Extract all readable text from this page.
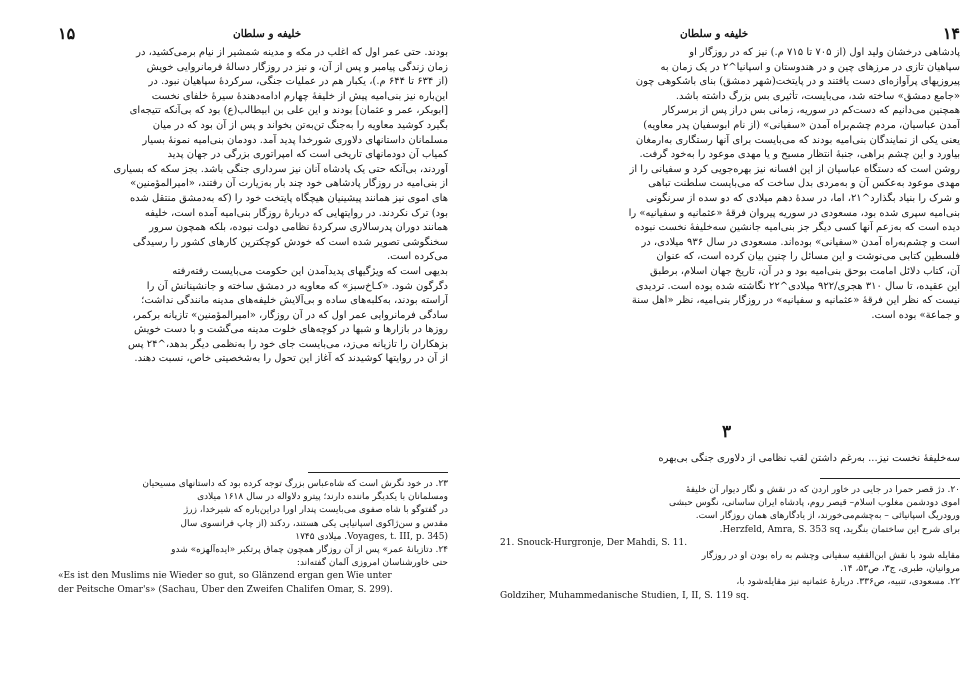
۱۴
خلیفه و سلطان
پادشاهی درخشان ولید اول (از ۷۰۵ تا ۷۱۵ م.) نیز که در روزگار او
سپاهیان تازی در مرزهای چین و در هندوستان و اسپانیا^۲ در یک زمان به
پیروزیهای پرآوازه‌ای دست یافتند و در پایتخت(شهر دمشق) بنای باشکوهی چون
«جامع دمشق» ساخته شد، می‌بایست، تأثیری بس بزرگ داشته باشد.
همچنین می‌دانیم که دست‌کم در سوریه، زمانی بس دراز پس از برسرکار
آمدن عباسیان، مردم چشم‌براه آمدن «سفیانی» (از نام ابوسفیان پدر معاویه)
یعنی یکی از نمایندگان بنی‌امیه بودند که می‌بایست برای آنها رستگاری به‌ارمغان
بیاورد و این چشم براهی، جنبهٔ انتظار مسیح و یا مهدی موعود را به‌خود گرفت.
روشن است که دستگاه عباسیان از این افسانه نیز بهره‌جویی کرد و سفیانی را از
مهدی موعود به‌عکس آن و به‌مردی بدل ساخت که می‌بایست سلطنت تباهی
و شرک را بنیاد بگذارد^۲۱، اما، در سدهٔ دهم میلادی که دو سده از سرنگونی
بنی‌امیه سپری شده بود، مسعودی در سوریه پیروان فرقهٔ «عثمانیه و سفیانیه» را
دیده است که به‌زعم آنها کسی دیگر جز بنی‌امیه جانشین سه‌خلیفهٔ نخست نبوده
است و چشم‌به‌راه آمدن «سفیانی» بوده‌اند. مسعودی در سال ۹۳۶ میلادی، در
فلسطین کتابی می‌نوشت و این مسائل را چنین بیان کرده است، که عنوان
آن، کتاب دلائل امامت بوحق بنی‌امیه بود و در آن، تاریخ جهان اسلام، برطبق
این عقیده، تا سال ۳۱۰ هجری/۹۲۲ میلادی^۲۲ نگاشته شده بوده است. تردیدی
نیست که نظر این فرقهٔ «عثمانیه و سفیانیه» در روزگار بنی‌امیه، نظر «اهل سنة
و جماعة» بوده است.
۳
سه‌خلیفهٔ نخست نیز... به‌رغم داشتن لقب نظامی از دلاوری جنگی بی‌بهره
۲۰. دژ قصر حمرا در جایی در خاور اردن که در نقش و نگار دیوار آن خلیفهٔ
اموی دودشمن مغلوب اسلام– قیصر روم، پادشاه ایران ساسانی، نگوس حبشی
ورودریگ اسپانیائی – به‌چشم‌می‌خورند، از یادگارهای همان روزگار است.
برای شرح این ساختمان بنگرید، Herzfeld, Amra, S. 353 sq.
21. Snouck-Hurgronje, Der Mahdi, S. 11.
مقایله شود با نقش ابن‌القفیه سفیانی وچشم به راه بودن او در روزگار
مروانیان، طبری، ج۳، ص۵۳، ۱۴.
۲۲. مسعودی، تنبیه، ص۳۳۶. دربارهٔ عثمانیه نیز مقایله‌شود با،
Goldziher, Muhammedanische Studien, I, II, S. 119 sq.
۱۵	خلیفه و سلطان
بودند. حتی عمر اول که اغلب در مکه و مدینه شمشیر از نیام برمی‌کشید، در
زمان زندگی پیامبر و پس از آن، و نیز در روزگار دسالهٔ فرمانروایی خویش
(از ۶۳۴ تا ۶۴۴ م.)، یکبار هم در عملیات جنگی، سرکردهٔ سپاهیان نبود. در
این‌باره نیز بنی‌امیه پیش از خلیفهٔ چهارم ادامه‌دهندهٔ سیرهٔ خلفای نخست
[ابوبکر، عمر و عثمان] بودند و این علی بن ابیطالب(ع) بود که بی‌آنکه تتیجه‌ای
بگیرد کوشید معاویه را به‌جنگ تن‌به‌تن بخواند و پس از آن بود که در میان
مسلمانان داستانهای دلاوری شورخدا پدید آمد. دودمان بنی‌امیه نمونهٔ بسیار
کمیاب آن دودمانهای تاریخی است که امپراتوری بزرگی در جهان پدید
آوردند، بی‌آنکه حتی یک پادشاه آنان نیز سرداری جنگی باشد. بجز سکه که بسیاری
از بنی‌امیه در روزگار پادشاهی خود چند بار به‌زیارت آن رفتند، «امیرالمؤمنین»
های اموی نیز همانند پیشینیان هیچگاه پایتخت خود را (که به‌دمشق منتقل شده
بود) ترک نکردند. در روایتهایی که دربارهٔ روزگار بنی‌امیه آمده است، خلیفه
همانند دوران پدرسالاری سرکردهٔ نظامی دولت نبوده، بلکه همچون سرور
سخنگوشی تصویر شده است که خودش کوچکترین کارهای کشور را رسیدگی
می‌کرده است.
بدیهی است که ویژگیهای پدیدآمدن این حکومت می‌بایست رفته‌رفته
دگرگون شود. «کـاخ‌سبز» که معاویه در دمشق ساخته و جانشینانش آن را
آراسته بودند، به‌کلبه‌های ساده و بی‌آلایش خلیفه‌های مدینه مانندگی نداشت؛
سادگی فرمانروایی عمر اول که در آن روزگار، «امیرالمؤمنین» تازیانه برکمر،
روزها در بازارها و شبها در کوچه‌های خلوت مدینه می‌گشت و با دست خویش
بزهکاران را تازیانه می‌زد، می‌بایست جای خود را به‌نظمی دیگر بدهد،^۲۴ پس
از آن در روایتها کوشیدند که آغاز این تحول را به‌شخصیتی خاص، نسبت دهند.
۲۳. در خود نگرش است که شاه‌عباس بزرگ توجه کرده بود که داستانهای مسیحیان
ومسلمانان با یکدیگر ماننده دارند؛ پیترو دلاواله در سال ۱۶۱۸ میلادی
در گفتوگو با شاه صفوی می‌بایست پندار اورا دراین‌باره که شیرخدا، زرژ
مقدس و سن‌ژاکوی اسپانیایی یکی هستند، ردکند (از چاپ فرانسوی سال
(Voyages, t. III, p. 345. میلادی ۱۷۴۵
۲۴. دتازیانهٔ عمر» پس از آن روزگار همچون چماق پرتکبر «ایده‌آلهزه» شدو
حتی خاورشناسان امروزی آلمان گفته‌اند:
«Es ist den Muslims nie Wieder so gut, so Glänzend ergan gen Wie unter
der Peitsche Omar's» (Sachau, Über den Zweifen Chalifen Omar, S. 299).
